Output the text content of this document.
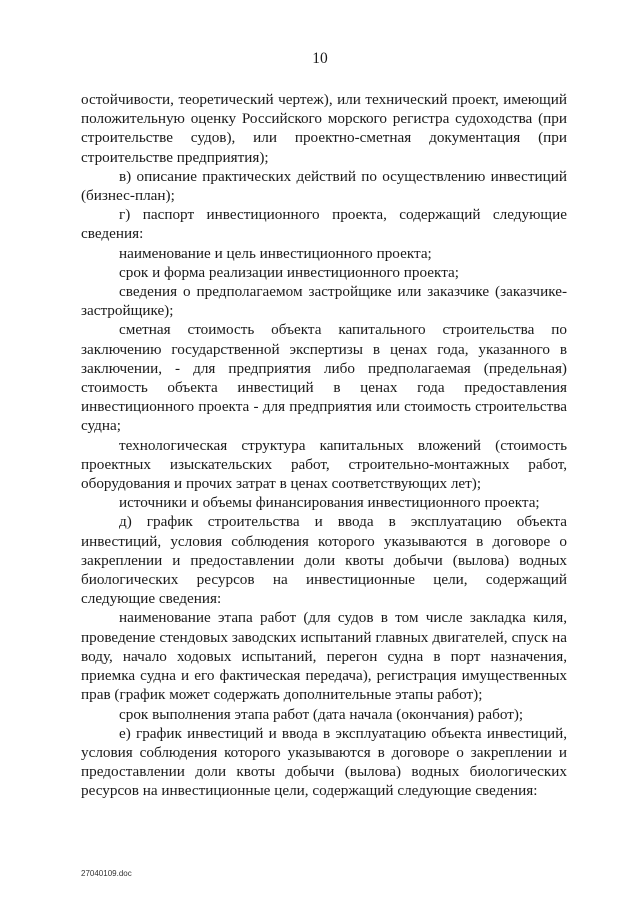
10

остойчивости, теоретический чертеж), или технический проект, имеющий положительную оценку Российского морского регистра судоходства (при строительстве судов), или проектно-сметная документация (при строительстве предприятия);

в) описание практических действий по осуществлению инвестиций (бизнес-план);

г) паспорт инвестиционного проекта, содержащий следующие сведения:

наименование и цель инвестиционного проекта;

срок и форма реализации инвестиционного проекта;

сведения о предполагаемом застройщике или заказчике (заказчике-застройщике);

сметная стоимость объекта капитального строительства по заключению государственной экспертизы в ценах года, указанного в заключении, - для предприятия либо предполагаемая (предельная) стоимость объекта инвестиций в ценах года предоставления инвестиционного проекта - для предприятия или стоимость строительства судна;

технологическая структура капитальных вложений (стоимость проектных изыскательских работ, строительно-монтажных работ, оборудования и прочих затрат в ценах соответствующих лет);

источники и объемы финансирования инвестиционного проекта;

д) график строительства и ввода в эксплуатацию объекта инвестиций, условия соблюдения которого указываются в договоре о закреплении и предоставлении доли квоты добычи (вылова) водных биологических ресурсов на инвестиционные цели, содержащий следующие сведения:

наименование этапа работ (для судов в том числе закладка киля, проведение стендовых заводских испытаний главных двигателей, спуск на воду, начало ходовых испытаний, перегон судна в порт назначения, приемка судна и его фактическая передача), регистрация имущественных прав (график может содержать дополнительные этапы работ);

срок выполнения этапа работ (дата начала (окончания) работ);

е) график инвестиций и ввода в эксплуатацию объекта инвестиций, условия соблюдения которого указываются в договоре о закреплении и предоставлении доли квоты добычи (вылова) водных биологических ресурсов на инвестиционные цели, содержащий следующие сведения:

27040109.doc
